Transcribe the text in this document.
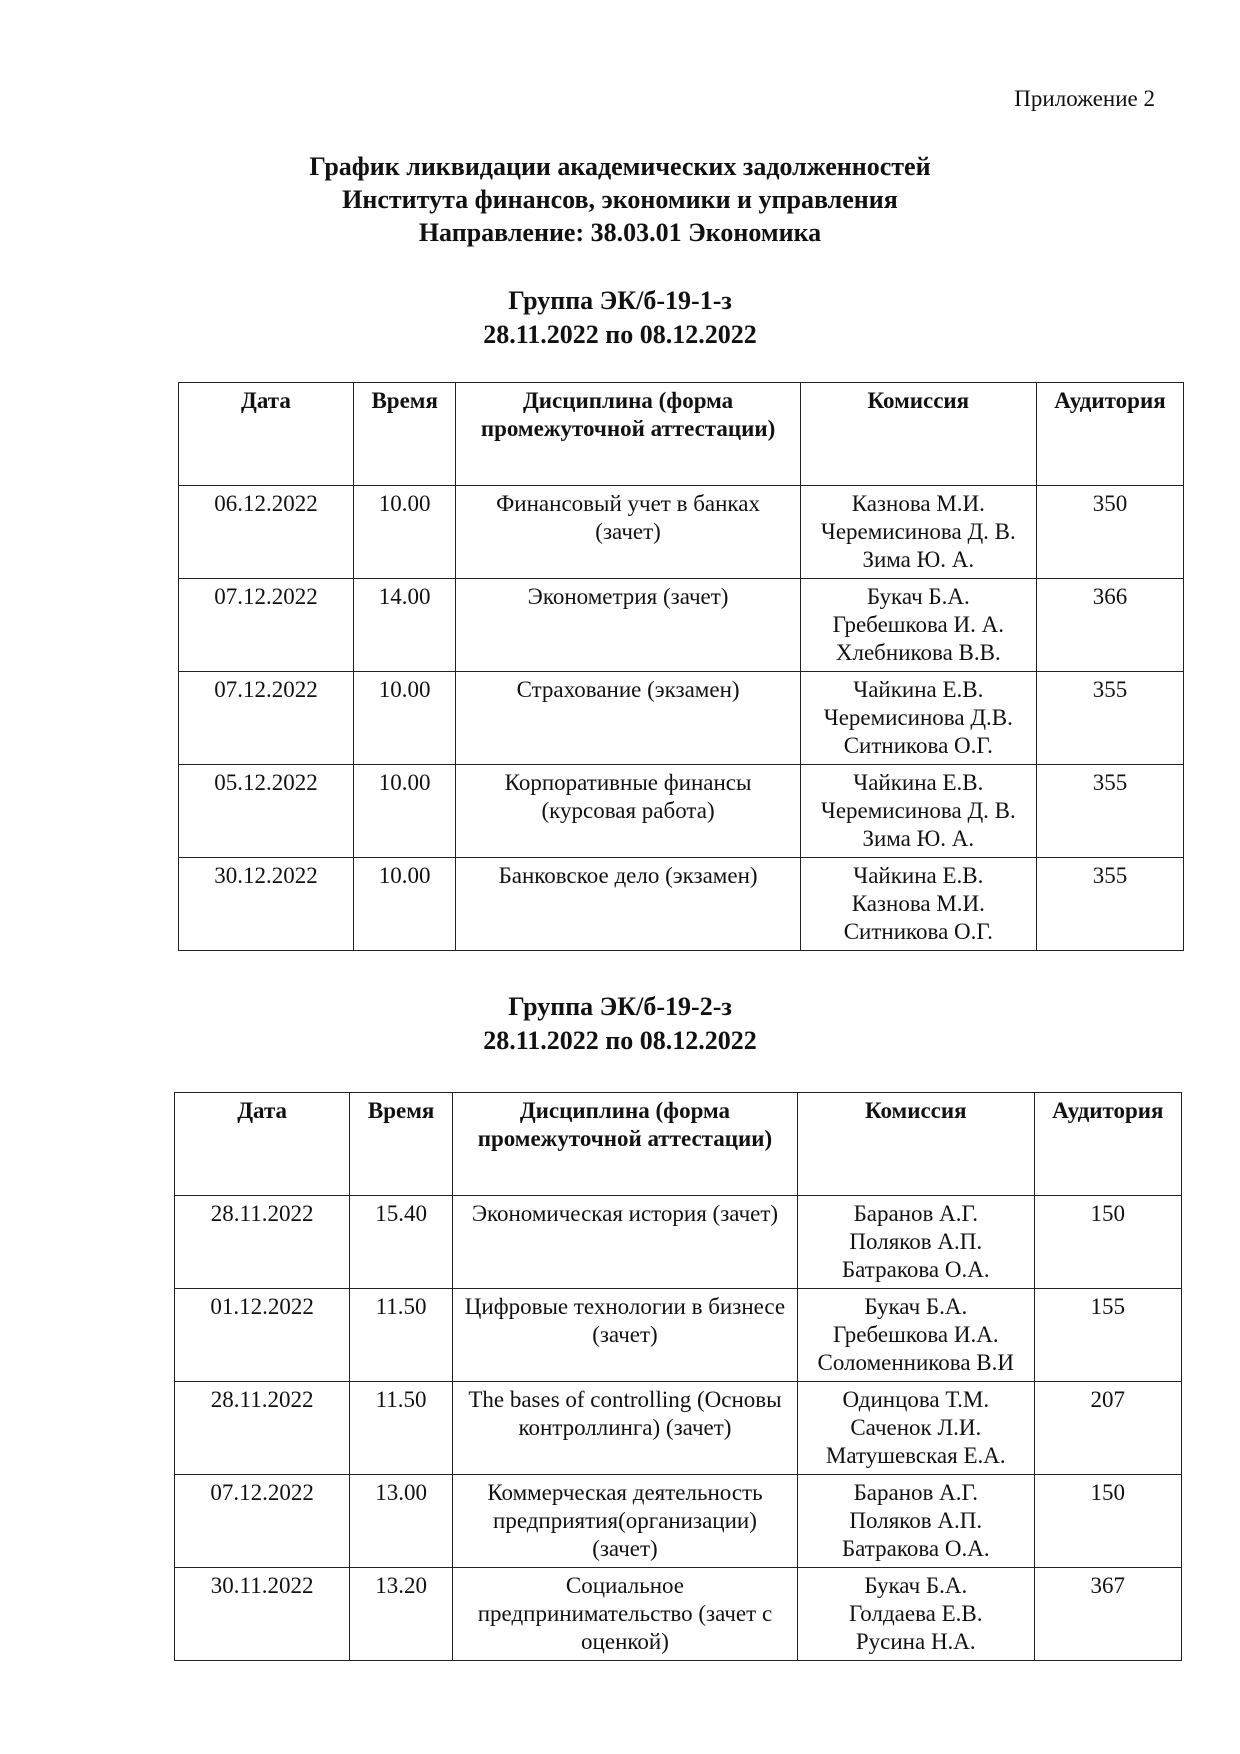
Приложение 2
График ликвидации академических задолженностей
Института финансов, экономики и управления
Направление: 38.03.01 Экономика
Группа ЭК/б-19-1-з
28.11.2022 по 08.12.2022
Дата	Время	Дисциплина (форма промежуточной аттестации)	Комиссия	Аудитория
06.12.2022	10.00	Финансовый учет в банках (зачет)	Казнова М.И.
Черемисинова Д. В.
Зима Ю. А.	350
07.12.2022	14.00	Эконометрия (зачет)	Букач Б.А.
Гребешкова И. А.
Хлебникова В.В.	366
07.12.2022	10.00	Страхование (экзамен)	Чайкина Е.В.
Черемисинова Д.В.
Ситникова О.Г.	355
05.12.2022	10.00	Корпоративные финансы (курсовая работа)	Чайкина Е.В.
Черемисинова Д. В.
Зима Ю. А.	355
30.12.2022	10.00	Банковское дело (экзамен)	Чайкина Е.В.
Казнова М.И.
Ситникова О.Г.	355
Группа ЭК/б-19-2-з
28.11.2022 по 08.12.2022
Дата	Время	Дисциплина (форма промежуточной аттестации)	Комиссия	Аудитория
28.11.2022	15.40	Экономическая история (зачет)	Баранов А.Г.
Поляков А.П.
Батракова О.А.	150
01.12.2022	11.50	Цифровые технологии в бизнесе (зачет)	Букач Б.А.
Гребешкова И.А.
Соломенникова В.И	155
28.11.2022	11.50	The bases of controlling (Основы контроллинга) (зачет)	Одинцова Т.М.
Саченок Л.И.
Матушевская Е.А.	207
07.12.2022	13.00	Коммерческая деятельность предприятия(организации) (зачет)	Баранов А.Г.
Поляков А.П.
Батракова О.А.	150
30.11.2022	13.20	Социальное предпринимательство (зачет с оценкой)	Букач Б.А.
Голдаева Е.В.
Русина Н.А.	367
